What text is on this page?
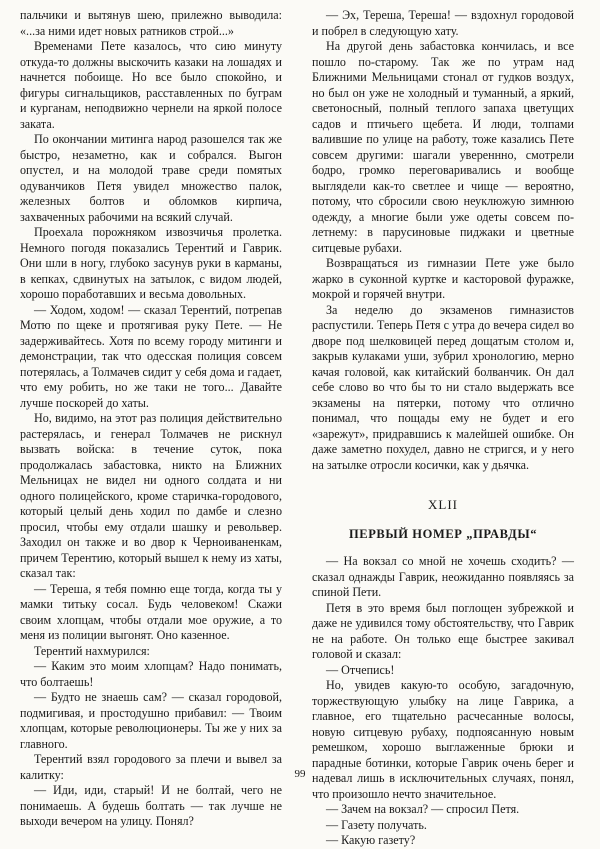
пальчики и вытянув шею, прилежно выводила: «...за ними идет новых ратников строй...»

Временами Пете казалось, что сию минуту откуда-то должны выскочить казаки на лошадях и начнется побоище. Но все было спокойно, и фигуры сигнальщиков, расставленных по буграм и курганам, неподвижно чернели на яркой полосе заката.

По окончании митинга народ разошелся так же быстро, незаметно, как и собрался. Выгон опустел, и на молодой траве среди помятых одуванчиков Петя увидел множество палок, железных болтов и обломков кирпича, захваченных рабочими на всякий случай.

Проехала порожняком извозчичья пролетка. Немного погодя показались Терентий и Гаврик. Они шли в ногу, глубоко засунув руки в карманы, в кепках, сдвинутых на затылок, с видом людей, хорошо поработавших и весьма довольных.

— Ходом, ходом! — сказал Терентий, потрепав Мотю по щеке и протягивая руку Пете. — Не задерживайтесь. Хотя по всему городу митинги и демонстрации, так что одесская полиция совсем потерялась, а Толмачев сидит у себя дома и гадает, что ему робить, но же таки не того... Давайте лучше поскорей до хаты.

Но, видимо, на этот раз полиция действительно растерялась, и генерал Толмачев не рискнул вызвать войска: в течение суток, пока продолжалась забастовка, никто на Ближних Мельницах не видел ни одного солдата и ни одного полицейского, кроме старичка-городового, который целый день ходил по дамбе и слезно просил, чтобы ему отдали шашку и револьвер. Заходил он также и во двор к Черноиваненкам, причем Терентию, который вышел к нему из хаты, сказал так:

— Тереша, я тебя помню еще тогда, когда ты у мамки титьку сосал. Будь человеком! Скажи своим хлопцам, чтобы отдали мое оружие, а то меня из полиции выгонят. Оно казенное.

Терентий нахмурился:

— Каким это моим хлопцам? Надо понимать, что болтаешь!

— Будто не знаешь сам? — сказал городовой, подмигивая, и простодушно прибавил: — Твоим хлопцам, которые революционеры. Ты же у них за главного.

Терентий взял городового за плечи и вывел за калитку:

— Иди, иди, старый! И не болтай, чего не понимаешь. А будешь болтать — так лучше не выходи вечером на улицу. Понял?

— Эх, Тереша, Тереша! — вздохнул городовой и побрел в следующую хату.

На другой день забастовка кончилась, и все пошло по-старому. Так же по утрам над Ближними Мельницами стонал от гудков воздух, но был он уже не холодный и туманный, а яркий, светоносный, полный теплого запаха цветущих садов и птичьего щебета. И люди, толпами валившие по улице на работу, тоже казались Пете совсем другими: шагали увереннно, смотрели бодро, громко переговаривались и вообще выглядели как-то светлее и чище — вероятно, потому, что сбросили свою неуклюжую зимнюю одежду, а многие были уже одеты совсем по-летнему: в парусиновые пиджаки и цветные ситцевые рубахи.

Возвращаться из гимназии Пете уже было жарко в суконной куртке и касторовой фуражке, мокрой и горячей внутри.

За неделю до экзаменов гимназистов распустили. Теперь Петя с утра до вечера сидел во дворе под шелковицей перед дощатым столом и, закрыв кулаками уши, зубрил хронологию, мерно качая головой, как китайский болванчик. Он дал себе слово во что бы то ни стало выдержать все экзамены на пятерки, потому что отлично понимал, что пощады ему не будет и его «зарежут», придравшись к малейшей ошибке. Он даже заметно похудел, давно не стригся, и у него на затылке отросли косички, как у дьячка.

XLII
ПЕРВЫЙ НОМЕР „ПРАВДЫ“

— На вокзал со мной не хочешь сходить? — сказал однажды Гаврик, неожиданно появляясь за спиной Пети.

Петя в это время был поглощен зубрежкой и даже не удивился тому обстоятельству, что Гаврик не на работе. Он только еще быстрее закивал головой и сказал:

— Отчепись!

Но, увидев какую-то особую, загадочную, торжествующую улыбку на лице Гаврика, а главное, его тщательно расчесанные волосы, новую ситцевую рубаху, подпоясанную новым ремешком, хорошо выглаженные брюки и парадные ботинки, которые Гаврик очень берег и надевал лишь в исключительных случаях, понял, что произошло нечто значительное.

— Зачем на вокзал? — спросил Петя.

— Газету получать.

— Какую газету?

99
